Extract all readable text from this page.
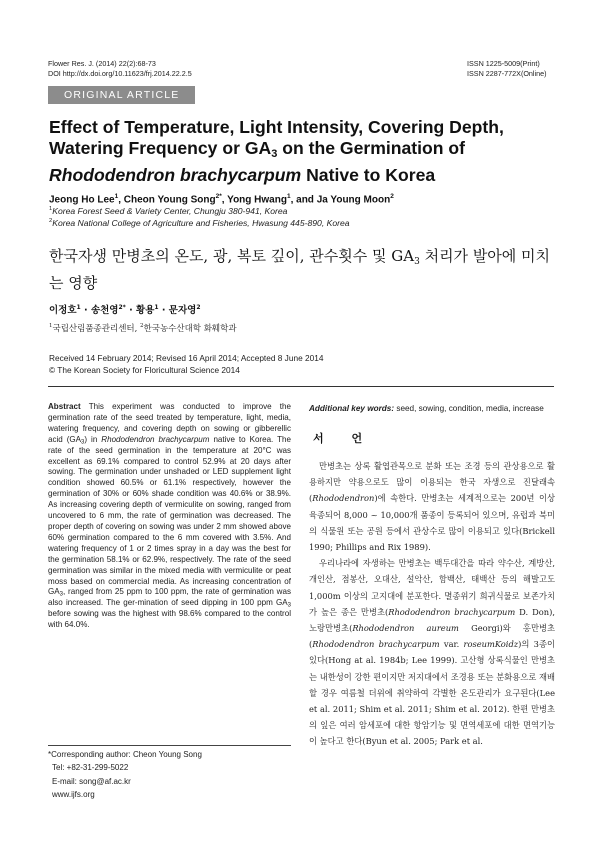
Flower Res. J. (2014) 22(2):68-73
DOI http://dx.doi.org/10.11623/frj.2014.22.2.5
ISSN 1225-5009(Print)
ISSN 2287-772X(Online)
ORIGINAL ARTICLE
Effect of Temperature, Light Intensity, Covering Depth, Watering Frequency or $GA_3$ on the Germination of Rhododendron brachycarpum Native to Korea
Jeong Ho Lee$^1$, Cheon Young Song$^{2*}$, Yong Hwang$^1$, and Ja Young Moon$^2$
$^1$Korea Forest Seed & Variety Center, Chungju 380-941, Korea
$^2$Korea National College of Agriculture and Fisheries, Hwasung 445-890, Korea
한국자생 만병초의 온도, 광, 복토 깊이, 관수횟수 및 $GA_3$ 처리가 발아에 미치는 영향
이정호$^1$ · 송천영$^{2*}$ · 황용$^1$ · 문자영$^2$
$^1$국립산림품종관리센터, $^2$한국농수산대학 화훼학과
Received 14 February 2014; Revised 16 April 2014; Accepted 8 June 2014
© The Korean Society for Floricultural Science 2014
Abstract This experiment was conducted to improve the germination rate of the seed treated by temperature, light, media, watering frequency, and covering depth on sowing or gibberellic acid $(GA_3)$ in Rhododendron brachycarpum native to Korea. The rate of the seed germination in the temperature at 20°C was excellent as 69.1% compared to control 52.9% at 20 days after sowing. The germination under unshaded or LED supplement light condition showed 60.5% or 61.1% respectively, however the germination of 30% or 60% shade condition was 40.6% or 38.9%. As increasing covering depth of vermiculite on sowing, ranged from uncovered to 6 mm, the rate of germination was decreased. The proper depth of covering on sowing was under 2 mm showed above 60% germination compared to the 6 mm covered with 3.5%. And watering frequency of 1 or 2 times spray in a day was the best for the germination 58.1% or 62.9%, respectively. The rate of the seed germination was similar in the mixed media with vermiculite or peat moss based on commercial media. As increasing concentration of $GA_3$, ranged from 25 ppm to 100 ppm, the rate of germination was also increased. The ger-mination of seed dipping in 100 ppm $GA_3$ before sowing was the highest with 98.6% compared to the control with 64.0%.
*Corresponding author: Cheon Young Song
Tel: +82-31-299-5022
E-mail: song@af.ac.kr
www.ijfs.org
Additional key words: seed, sowing, condition, media, increase
서 언

만병초는 상록 활엽관목으로 분화 또는 조경 등의 관상용으로 활용하지만 약용으로도 많이 이용되는 한국 자생으로 진달래속(Rhododendron)에 속한다. 만병초는 세계적으로는 200년 이상 육종되어 8,000 ~ 10,000개 품종이 등록되어 있으며, 유럽과 북미의 식물원 또는 공원 등에서 관상수로 많이 이용되고 있다(Brickell 1990; Phillips and Rix 1989).

우리나라에 자생하는 만병초는 백두대간을 따라 약수산, 계방산, 개인산, 점봉산, 오대산, 설악산, 함백산, 태백산 등의 해발고도 1,000m 이상의 고지대에 분포한다. 멸종위기 희귀식물로 보존가치가 높은 종은 만병초(Rhododendron brachycarpum D. Don), 노랑만병초(Rhododendron aureum Georgi)와 홍만병초(Rhododendron brachycarpum var. roseumKoidz)의 3종이 있다(Hong at al. 1984b; Lee 1999). 고산형 상록식물인 만병초는 내한성이 강한 편이지만 저지대에서 조경용 또는 분화용으로 재배할 경우 여름철 더위에 취약하여 각별한 온도관리가 요구된다(Lee et al. 2011; Shim et al. 2011; Shim et al. 2012). 한편 만병초의 잎은 여러 암세포에 대한 항암기능 및 면역세포에 대한 면역기능이 높다고 한다(Byun et al. 2005; Park et al.
